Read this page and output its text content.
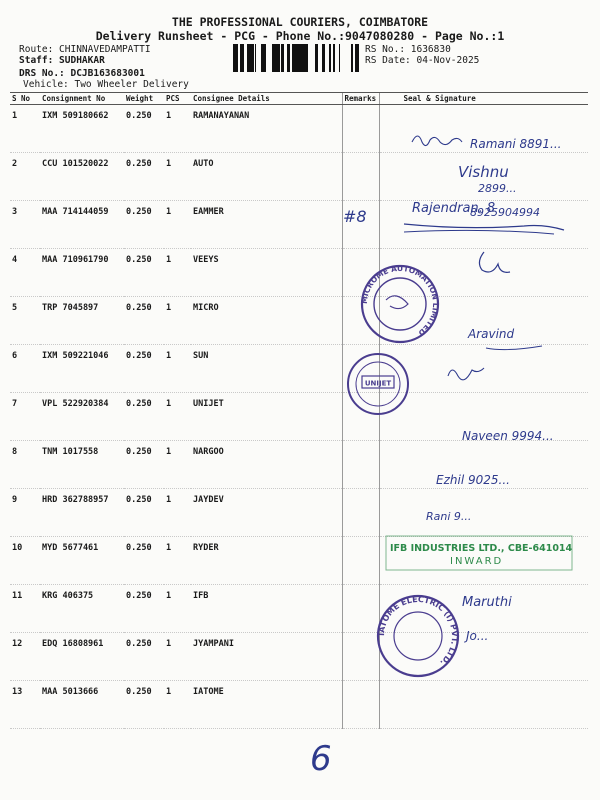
THE PROFESSIONAL COURIERS, COIMBATORE
Delivery Runsheet - PCG - Phone No.:9047080280 - Page No.:1
Route: CHINNAVEDAMPATTI
Staff: SUDHAKAR
DRS No.: DCJB163683001
Vehicle: Two Wheeler Delivery
RS No.: 1636830
RS Date: 04-Nov-2025
S No	Consignment No	Weight	PCS	Consignee Details	Remarks	Seal & Signature
1	IXM 509180662	0.250	1	RAMANAYANAN		
2	CCU 101520022	0.250	1	AUTO		
3	MAA 714144059	0.250	1	EAMMER		
4	MAA 710961790	0.250	1	VEEYS		
5	TRP 7045897	0.250	1	MICRO		
6	IXM 509221046	0.250	1	SUN		
7	VPL 522920384	0.250	1	UNIJET		
8	TNM 1017558	0.250	1	NARGOO		
9	HRD 362788957	0.250	1	JAYDEV		
10	MYD 5677461	0.250	1	RYDER		
11	KRG 406375	0.250	1	IFB		
12	EDQ 16808961	0.250	1	JYAMPANI		
13	MAA 5013666	0.250	1	IATOME		
Ramani 8891...
Vishnu
2899...
#8	Rajendran. 8
8925904994
MICROME AUTOMATION LIMITED	Aravind
UNIJET
Naveen 9994...
Ezhil 9025...
Rani 9...
IFB INDUSTRIES LTD., CBE-641014
INWARD
IATOME ELECTRIC (I) PVT. LTD.
Maruthi
Jo...
6
